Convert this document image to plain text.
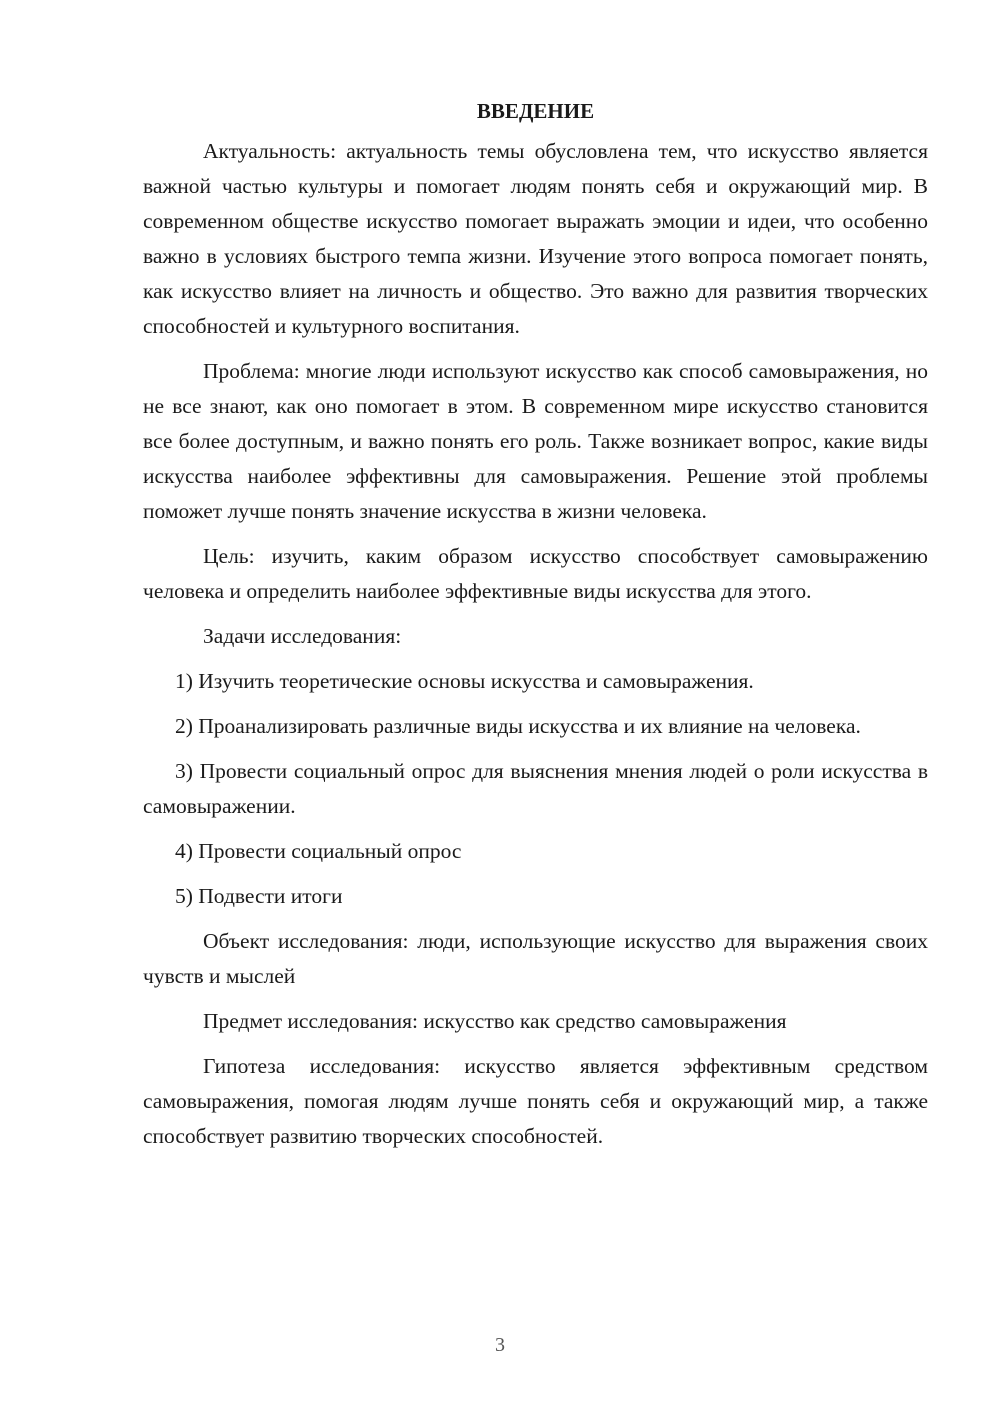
ВВЕДЕНИЕ

Актуальность: актуальность темы обусловлена тем, что искусство является важной частью культуры и помогает людям понять себя и окружающий мир. В современном обществе искусство помогает выражать эмоции и идеи, что особенно важно в условиях быстрого темпа жизни. Изучение этого вопроса помогает понять, как искусство влияет на личность и общество. Это важно для развития творческих способностей и культурного воспитания.

Проблема: многие люди используют искусство как способ самовыражения, но не все знают, как оно помогает в этом. В современном мире искусство становится все более доступным, и важно понять его роль. Также возникает вопрос, какие виды искусства наиболее эффективны для самовыражения. Решение этой проблемы поможет лучше понять значение искусства в жизни человека.

Цель: изучить, каким образом искусство способствует самовыражению человека и определить наиболее эффективные виды искусства для этого.

Задачи исследования:

1) Изучить теоретические основы искусства и самовыражения.

2) Проанализировать различные виды искусства и их влияние на человека.

3) Провести социальный опрос для выяснения мнения людей о роли искусства в самовыражении.

4) Провести социальный опрос

5) Подвести итоги

Объект исследования: люди, использующие искусство для выражения своих чувств и мыслей

Предмет исследования: искусство как средство самовыражения

Гипотеза исследования: искусство является эффективным средством самовыражения, помогая людям лучше понять себя и окружающий мир, а также способствует развитию творческих способностей.

3
